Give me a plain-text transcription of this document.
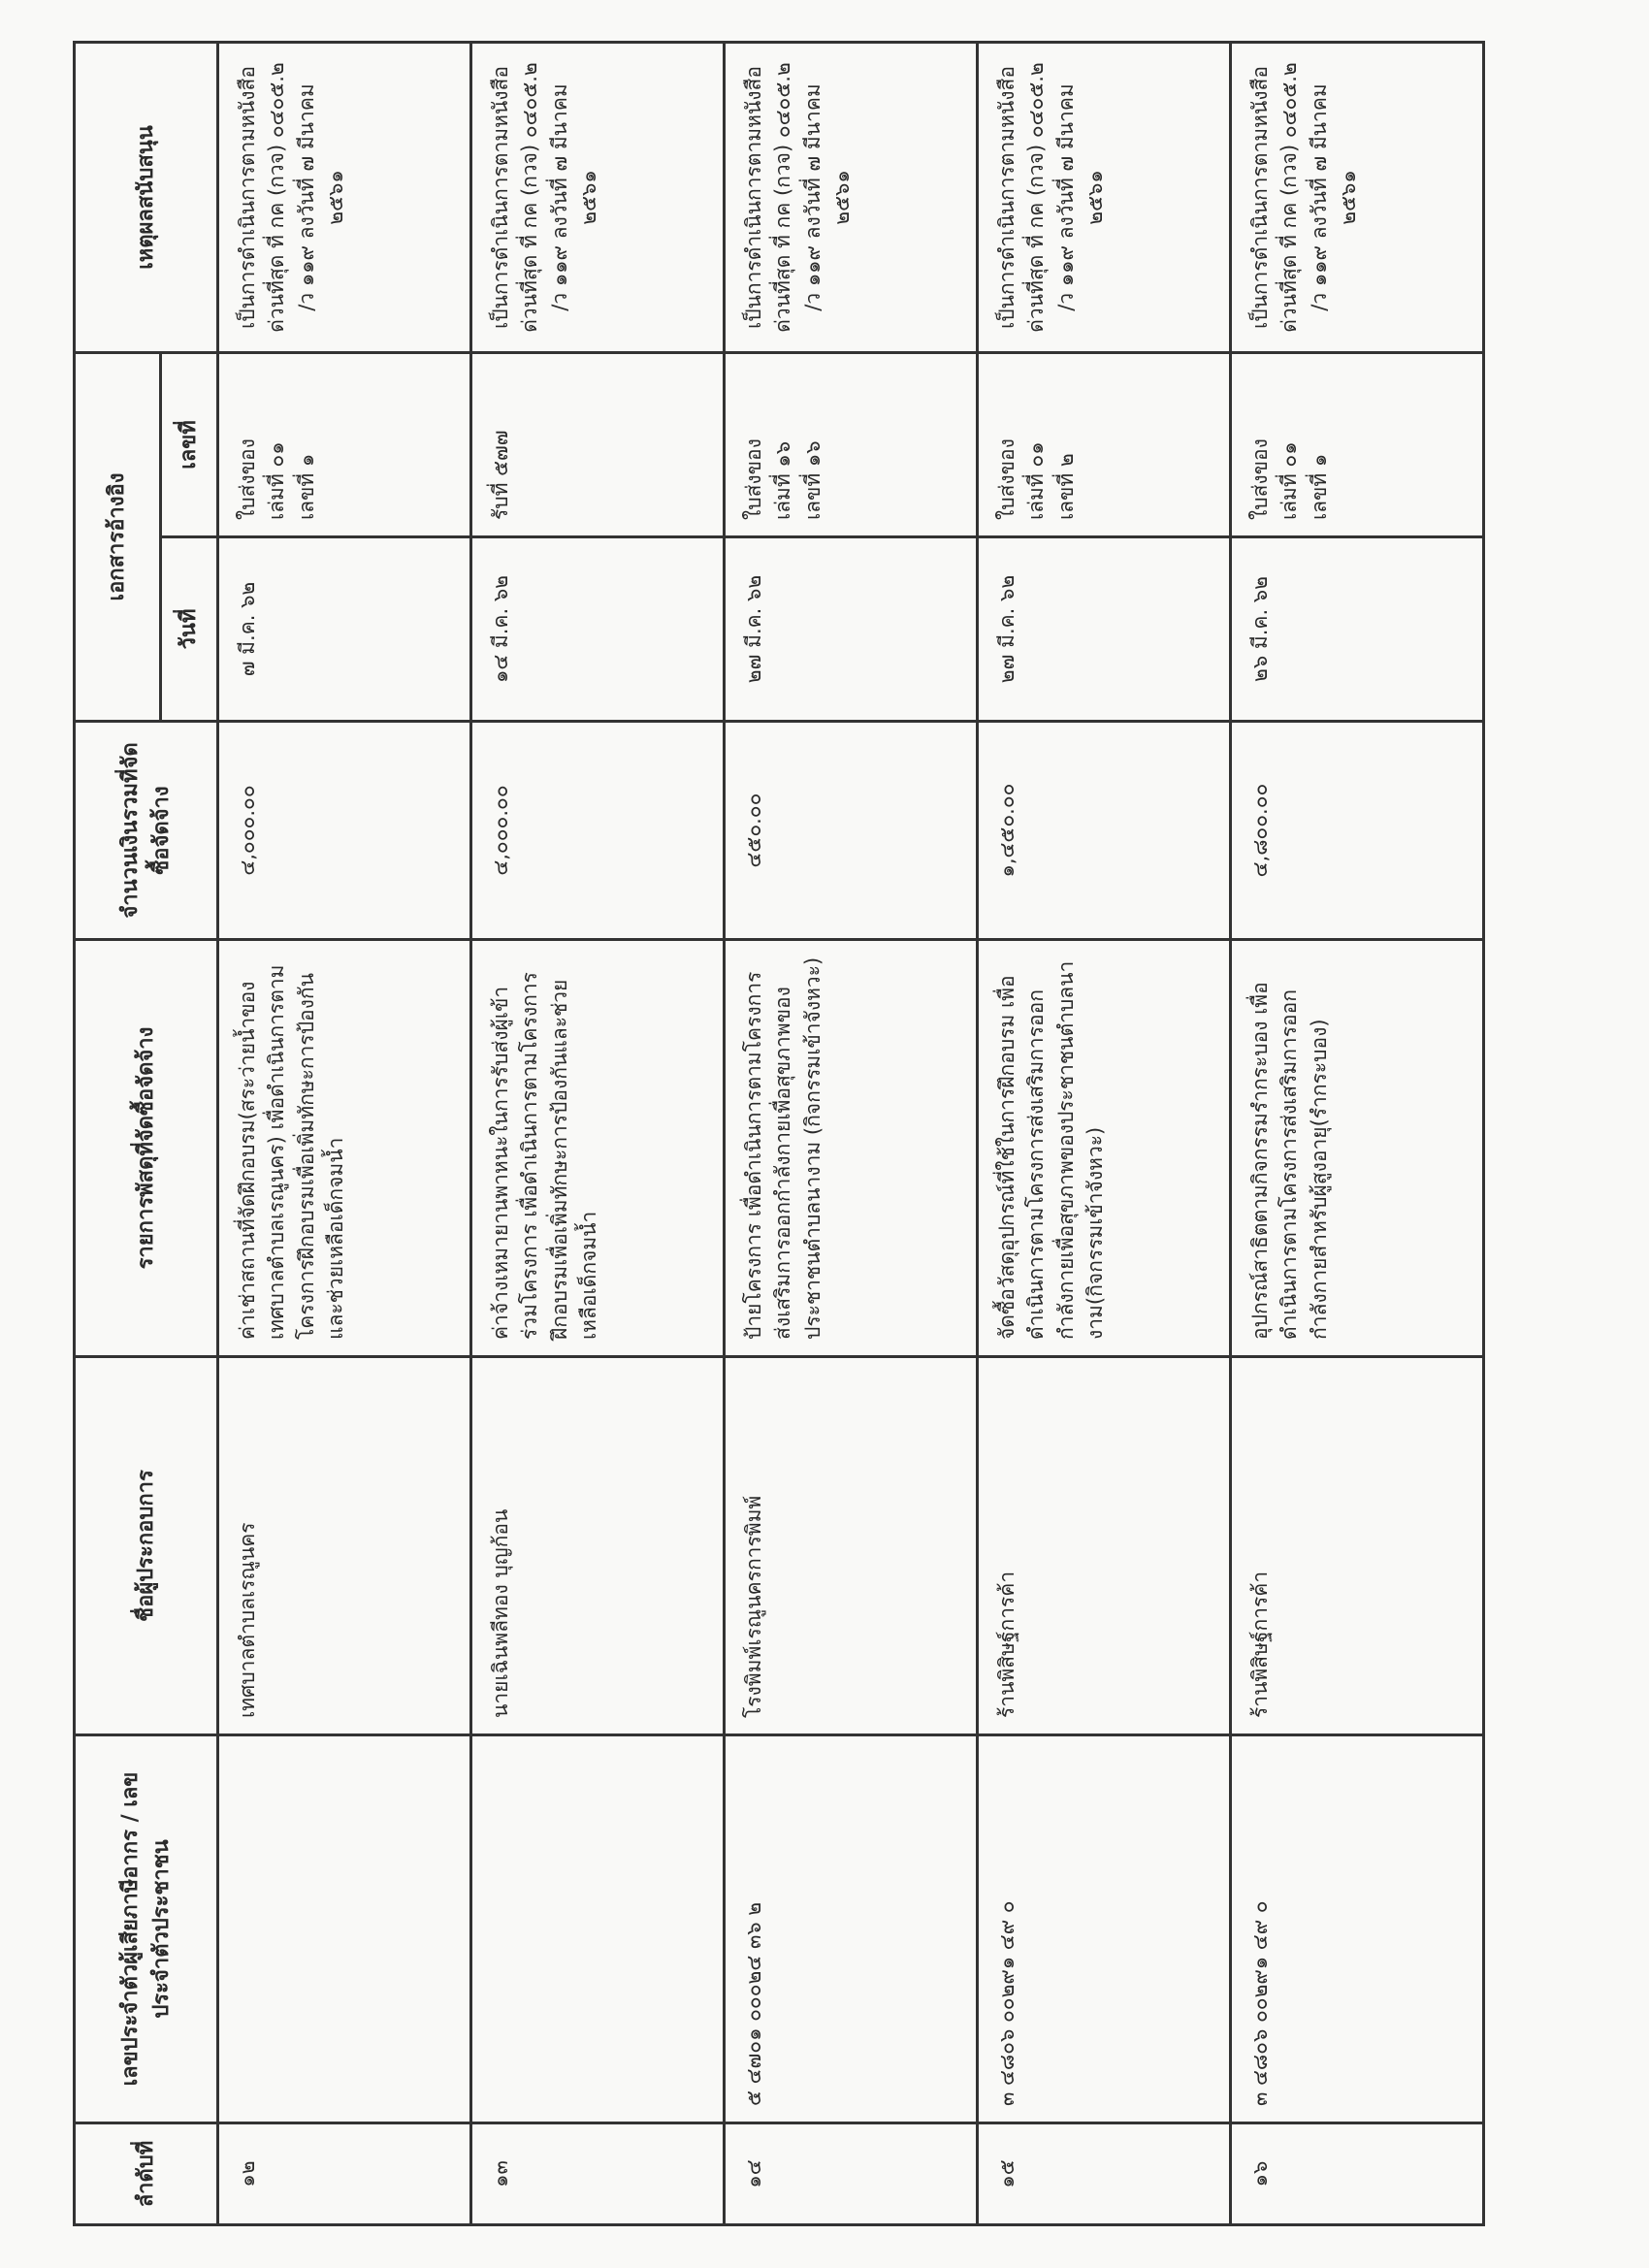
ลำดับที่	เลขประจำตัวผู้เสียภาษีอากร / เลขประจำตัวประชาชน	ชื่อผู้ประกอบการ	รายการพัสดุที่จัดซื้อจัดจ้าง	จำนวนเงินรวมที่จัดซื้อจัดจ้าง	เอกสารอ้างอิง		เหตุผลสนับสนุน
					วันที่	เลขที่	
๑๒		เทศบาลตำบลเรณูนคร	ค่าเช่าสถานที่จัดฝึกอบรม(สระว่ายน้ำของเทศบาลตำบลเรณูนคร) เพื่อดำเนินการตามโครงการฝึกอบรมเพื่อเพิ่มทักษะการป้องกันและช่วยเหลือเด็กจมน้ำ	๔,๐๐๐.๐๐	๗ มี.ค. ๖๒	ใบส่งของ เล่มที่ ๐๑ เลขที่ ๑	เป็นการดำเนินการตามหนังสือด่วนที่สุด ที่ กค (กวจ) ๐๔๐๕.๒ /ว ๑๑๙ ลงวันที่ ๗ มีนาคม ๒๕๖๑
๑๓		นายเฉินพลีทอง บุญก้อน	ค่าจ้างเหมายานพาหนะในการรับส่งผู้เข้าร่วมโครงการ เพื่อดำเนินการตามโครงการฝึกอบรมเพื่อเพิ่มทักษะการป้องกันและช่วยเหลือเด็กจมน้ำ	๔,๐๐๐.๐๐	๑๔ มี.ค. ๖๒	รับที่ ๕๗๗	เป็นการดำเนินการตามหนังสือด่วนที่สุด ที่ กค (กวจ) ๐๔๐๕.๒ /ว ๑๑๙ ลงวันที่ ๗ มีนาคม ๒๕๖๑
๑๔	๕ ๔๗๐๑ ๐๐๐๒๔ ๓๖ ๒	โรงพิมพ์เรณูนครการพิมพ์	ป้ายโครงการ เพื่อดำเนินการตามโครงการส่งเสริมการออกกำลังกายเพื่อสุขภาพของประชาชนตำบลนางาม (กิจกรรมเข้าจังหวะ)	๔๕๐.๐๐	๒๗ มี.ค. ๖๒	ใบส่งของ เล่มที่ ๑๖ เลขที่ ๑๖	เป็นการดำเนินการตามหนังสือด่วนที่สุด ที่ กค (กวจ) ๐๔๐๕.๒ /ว ๑๑๙ ลงวันที่ ๗ มีนาคม ๒๕๖๑
๑๕	๓ ๔๘๐๖ ๐๐๒๙๑ ๔๙ ๐	ร้านพิสิษฐ์การค้า	จัดซื้อวัสดุอุปกรณ์ที่ใช้ในการฝึกอบรม เพื่อดำเนินการตามโครงการส่งเสริมการออกกำลังกายเพื่อสุขภาพของประชาชนตำบลนางาม(กิจกรรมเข้าจังหวะ)	๑,๔๕๐.๐๐	๒๗ มี.ค. ๖๒	ใบส่งของ เล่มที่ ๐๑ เลขที่ ๒	เป็นการดำเนินการตามหนังสือด่วนที่สุด ที่ กค (กวจ) ๐๔๐๕.๒ /ว ๑๑๙ ลงวันที่ ๗ มีนาคม ๒๕๖๑
๑๖	๓ ๔๘๐๖ ๐๐๒๙๑ ๔๙ ๐	ร้านพิสิษฐ์การค้า	อุปกรณ์สาธิตตามกิจกรรมรำกระบอง เพื่อดำเนินการตามโครงการส่งเสริมการออกกำลังกายสำหรับผู้สูงอายุ(รำกระบอง)	๔,๘๐๐.๐๐	๒๖ มี.ค. ๖๒	ใบส่งของ เล่มที่ ๐๑ เลขที่ ๑	เป็นการดำเนินการตามหนังสือด่วนที่สุด ที่ กค (กวจ) ๐๔๐๕.๒ /ว ๑๑๙ ลงวันที่ ๗ มีนาคม ๒๕๖๑
